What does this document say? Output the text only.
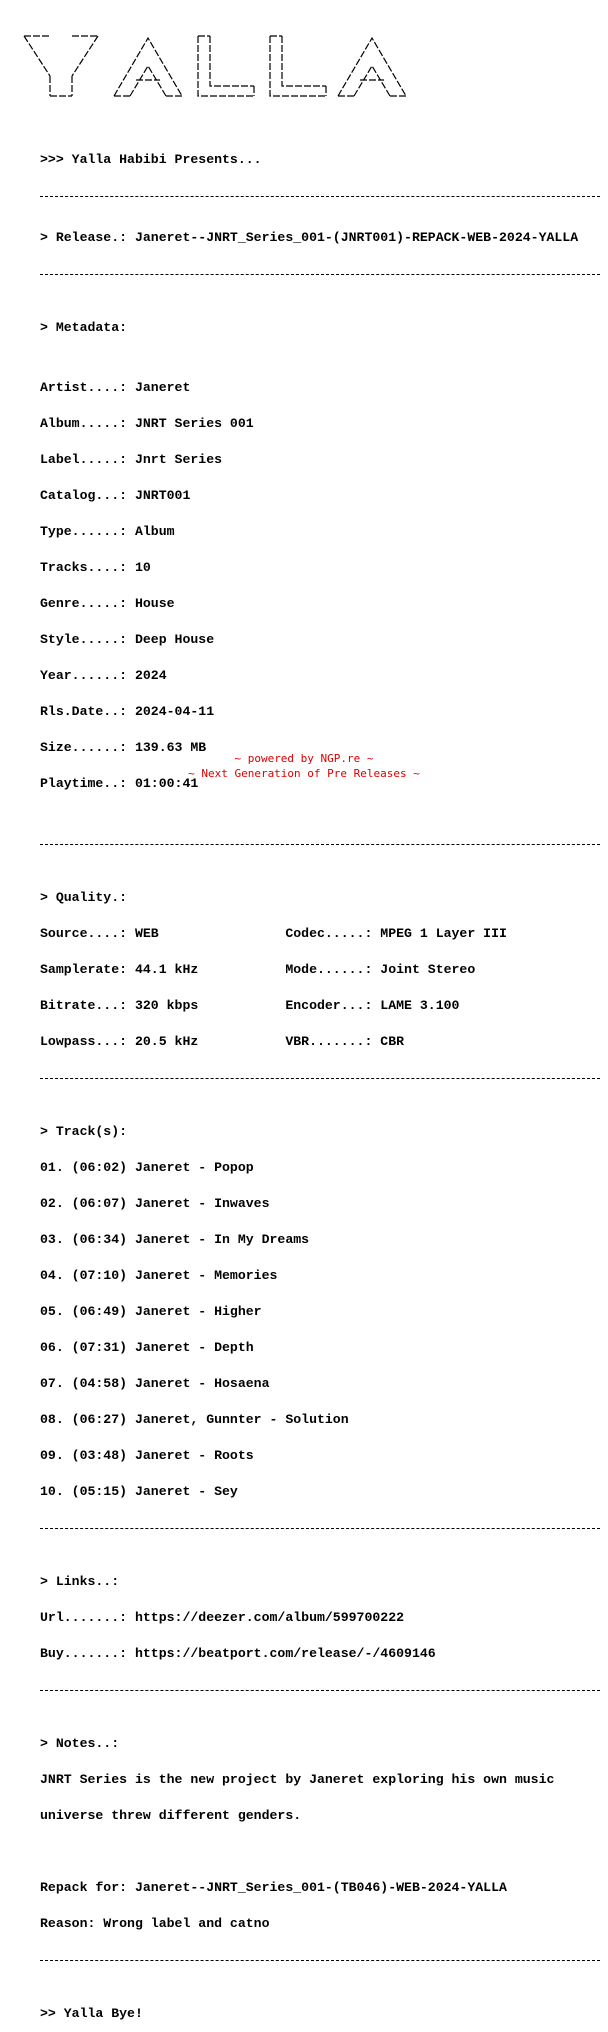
>>> Yalla Habibi Presents...

> Release.: Janeret--JNRT_Series_001-(JNRT001)-REPACK-WEB-2024-YALLA

> Metadata:

Artist....: Janeret

Album.....: JNRT Series 001

Label.....: Jnrt Series

Catalog...: JNRT001

Type......: Album

Tracks....: 10

Genre.....: House

Style.....: Deep House

Year......: 2024

Rls.Date..: 2024-04-11

Size......: 139.63 MB

Playtime..: 01:00:41

> Quality.:

Source....: WEB                Codec.....: MPEG 1 Layer III

Samplerate: 44.1 kHz           Mode......: Joint Stereo

Bitrate...: 320 kbps           Encoder...: LAME 3.100

Lowpass...: 20.5 kHz           VBR.......: CBR

> Track(s):

01. (06:02) Janeret - Popop

02. (06:07) Janeret - Inwaves

03. (06:34) Janeret - In My Dreams

04. (07:10) Janeret - Memories

05. (06:49) Janeret - Higher

06. (07:31) Janeret - Depth

07. (04:58) Janeret - Hosaena

08. (06:27) Janeret, Gunnter - Solution

09. (03:48) Janeret - Roots

10. (05:15) Janeret - Sey

> Links..:

Url.......: https://deezer.com/album/599700222

Buy.......: https://beatport.com/release/-/4609146

> Notes..:

JNRT Series is the new project by Janeret exploring his own music

universe threw different genders.

Repack for: Janeret--JNRT_Series_001-(TB046)-WEB-2024-YALLA

Reason: Wrong label and catno

>> Yalla Bye!

~ powered by NGP.re ~
~ Next Generation of Pre Releases ~
